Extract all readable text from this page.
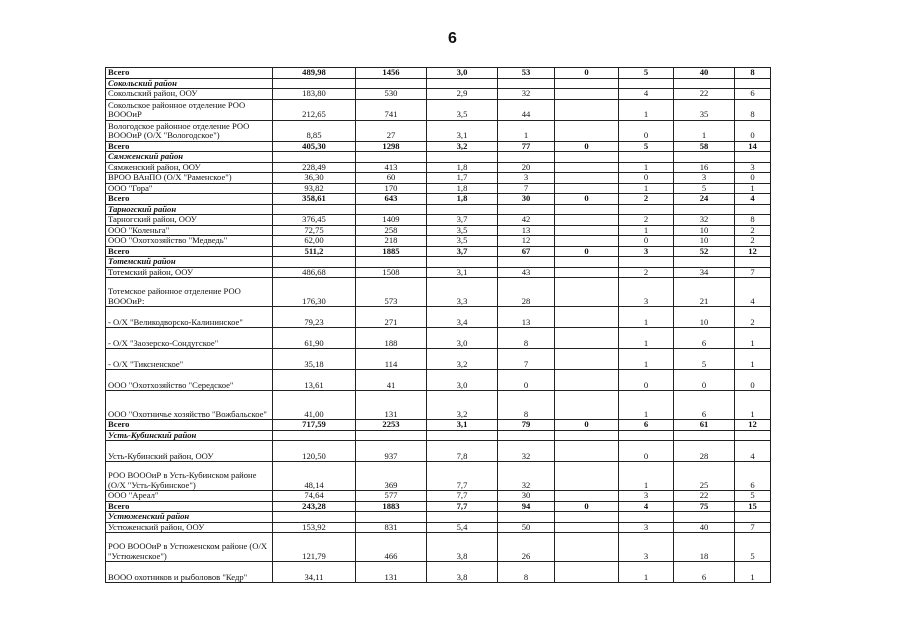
6
Всего	489,98	1456	3,0	53	0	5	40	8
Сокольский район								
Сокольский район, ООУ	183,80	530	2,9	32		4	22	6
Сокольское районное отделение РОО ВОООиР	212,65	741	3,5	44		1	35	8
Вологодское районное отделение РОО ВОООиР (О/Х "Вологодское")	8,85	27	3,1	1		0	1	0
Всего	405,30	1298	3,2	77	0	5	58	14
Сямженский район								
Сямженский район, ООУ	228,49	413	1,8	20		1	16	3
ВРОО ВАнПО (О/Х "Раменское")	36,30	60	1,7	3		0	3	0
ООО "Гора"	93,82	170	1,8	7		1	5	1
Всего	358,61	643	1,8	30	0	2	24	4
Тарногский район								
Тарногский район, ООУ	376,45	1409	3,7	42		2	32	8
ООО "Коленьга"	72,75	258	3,5	13		1	10	2
ООО "Охотхозяйство "Медведь"	62,00	218	3,5	12		0	10	2
Всего	511,2	1885	3,7	67	0	3	52	12
Тотемский район								
Тотемский район, ООУ	486,68	1508	3,1	43		2	34	7
Тотемское районное отделение РОО ВОООиР:	176,30	573	3,3	28		3	21	4
- О/Х "Великодворско-Калининское"	79,23	271	3,4	13		1	10	2
- О/Х "Заозерско-Сондугское"	61,90	188	3,0	8		1	6	1
- О/Х "Тиксненское"	35,18	114	3,2	7		1	5	1
ООО "Охотхозяйство "Середское"	13,61	41	3,0	0		0	0	0
ООО "Охотничье хозяйство "Вожбальское"	41,00	131	3,2	8		1	6	1
Всего	717,59	2253	3,1	79	0	6	61	12
Усть-Кубинский район								
Усть-Кубинский район, ООУ	120,50	937	7,8	32		0	28	4
РОО ВОООиР в Усть-Кубинском районе (О/Х "Усть-Кубинское")	48,14	369	7,7	32		1	25	6
ООО "Ареал"	74,64	577	7,7	30		3	22	5
Всего	243,28	1883	7,7	94	0	4	75	15
Устюженский район								
Устюженский район, ООУ	153,92	831	5,4	50		3	40	7
РОО ВОООиР в Устюженском районе (О/Х "Устюженское")	121,79	466	3,8	26		3	18	5
ВООО охотников и рыболовов "Кедр"	34,11	131	3,8	8		1	6	1
